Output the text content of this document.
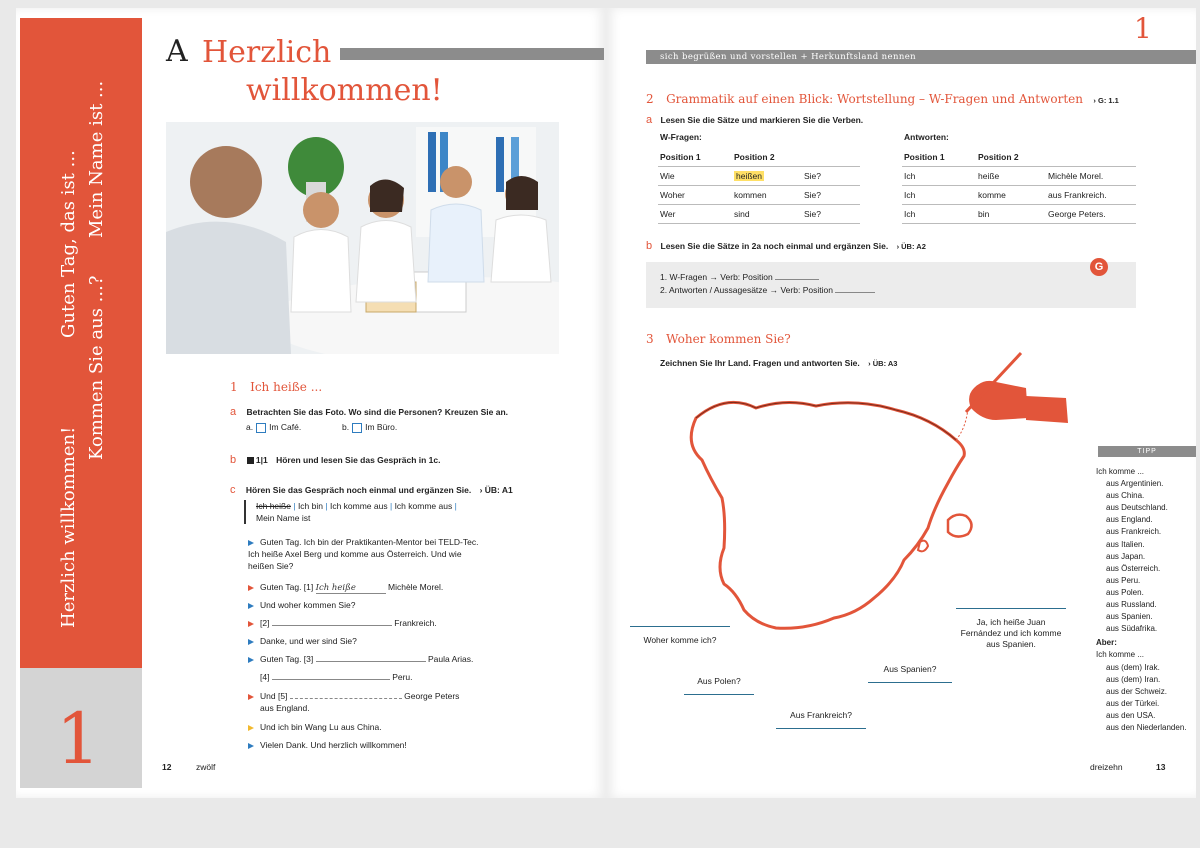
Herzlich willkommen!
Guten Tag, das ist ...
Kommen Sie aus ...?
Mein Name ist ...
1
A Herzlich
willkommen!
1 Ich heiße ...
a Betrachten Sie das Foto. Wo sind die Personen? Kreuzen Sie an.
a. Im Café.	b. Im Büro.
b 1|1 Hören und lesen Sie das Gespräch in 1c.
c Hören Sie das Gespräch noch einmal und ergänzen Sie. › ÜB: A1
Ich heiße | Ich bin | Ich komme aus | Ich komme aus |
Mein Name ist
Guten Tag. Ich bin der Praktikanten-Mentor bei TELD-Tec. Ich heiße Axel Berg und komme aus Österreich. Und wie heißen Sie?
Guten Tag. [1] Ich heiße	Michèle Morel.
Und woher kommen Sie?
[2]	Frankreich.
Danke, und wer sind Sie?
Guten Tag. [3]	Paula Arias.
[4]	Peru.
Und [5]	George Peters
aus England.
Und ich bin Wang Lu aus China.
Vielen Dank. Und herzlich willkommen!
12	zwölf
1
sich begrüßen und vorstellen + Herkunftsland nennen
2 Grammatik auf einen Blick: Wortstellung – W-Fragen und Antworten › G: 1.1
a Lesen Sie die Sätze und markieren Sie die Verben.
W-Fragen:	Antworten:
Position 1	Position 2	
Wie	heißen	Sie?
Woher	kommen	Sie?
Wer	sind	Sie?
Position 1	Position 2	
Ich	heiße	Michèle Morel.
Ich	komme	aus Frankreich.
Ich	bin	George Peters.
b Lesen Sie die Sätze in 2a noch einmal und ergänzen Sie. › ÜB: A2
G
1. W-Fragen → Verb: Position
2. Antworten / Aussagesätze → Verb: Position
3 Woher kommen Sie?
Zeichnen Sie Ihr Land. Fragen und antworten Sie. › ÜB: A3
Woher komme ich?
Aus Polen?
Aus Frankreich?
Aus Spanien?
Ja, ich heiße Juan Fernández und ich komme aus Spanien.
TIPP
Ich komme ...
aus Argentinien.
aus China.
aus Deutschland.
aus England.
aus Frankreich.
aus Italien.
aus Japan.
aus Österreich.
aus Peru.
aus Polen.
aus Russland.
aus Spanien.
aus Südafrika.
Aber:
Ich komme ...
aus (dem) Irak.
aus (dem) Iran.
aus der Schweiz.
aus der Türkei.
aus den USA.
aus den Niederlanden.
dreizehn	13
